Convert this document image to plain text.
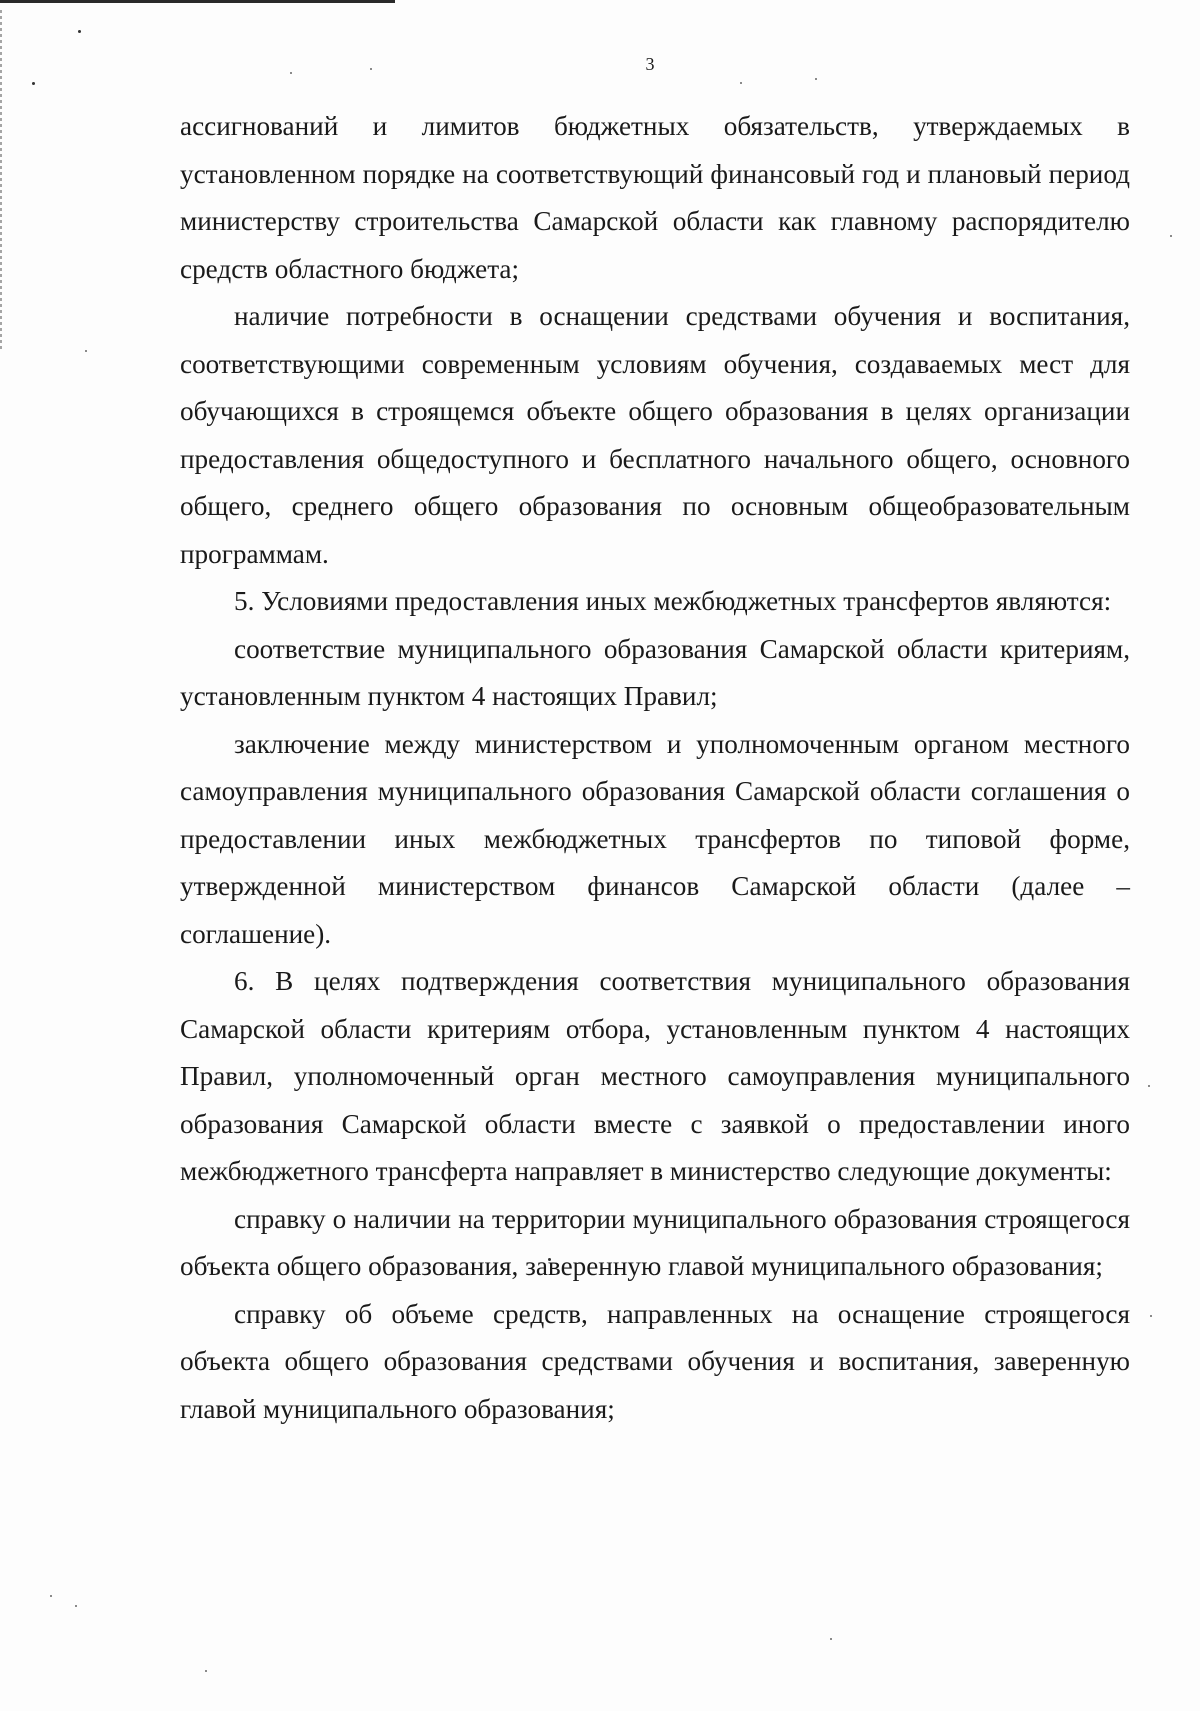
3

ассигнований и лимитов бюджетных обязательств, утверждаемых в установленном порядке на соответствующий финансовый год и плановый период министерству строительства Самарской области как главному распорядителю средств областного бюджета;

наличие потребности в оснащении средствами обучения и воспитания, соответствующими современным условиям обучения, создаваемых мест для обучающихся в строящемся объекте общего образования в целях организации предоставления общедоступного и бесплатного начального общего, основного общего, среднего общего образования по основным общеобразовательным программам.

5. Условиями предоставления иных межбюджетных трансфертов являются:

соответствие муниципального образования Самарской области критериям, установленным пунктом 4 настоящих Правил;

заключение между министерством и уполномоченным органом местного самоуправления муниципального образования Самарской области соглашения о предоставлении иных межбюджетных трансфертов по типовой форме, утвержденной министерством финансов Самарской области (далее – соглашение).

6. В целях подтверждения соответствия муниципального образования Самарской области критериям отбора, установленным пунктом 4 настоящих Правил, уполномоченный орган местного самоуправления муниципального образования Самарской области вместе с заявкой о предоставлении иного межбюджетного трансферта направляет в министерство следующие документы:

справку о наличии на территории муниципального образования строящегося объекта общего образования, заверенную главой муниципального образования;

справку об объеме средств, направленных на оснащение строящегося объекта общего образования средствами обучения и воспитания, заверенную главой муниципального образования;
